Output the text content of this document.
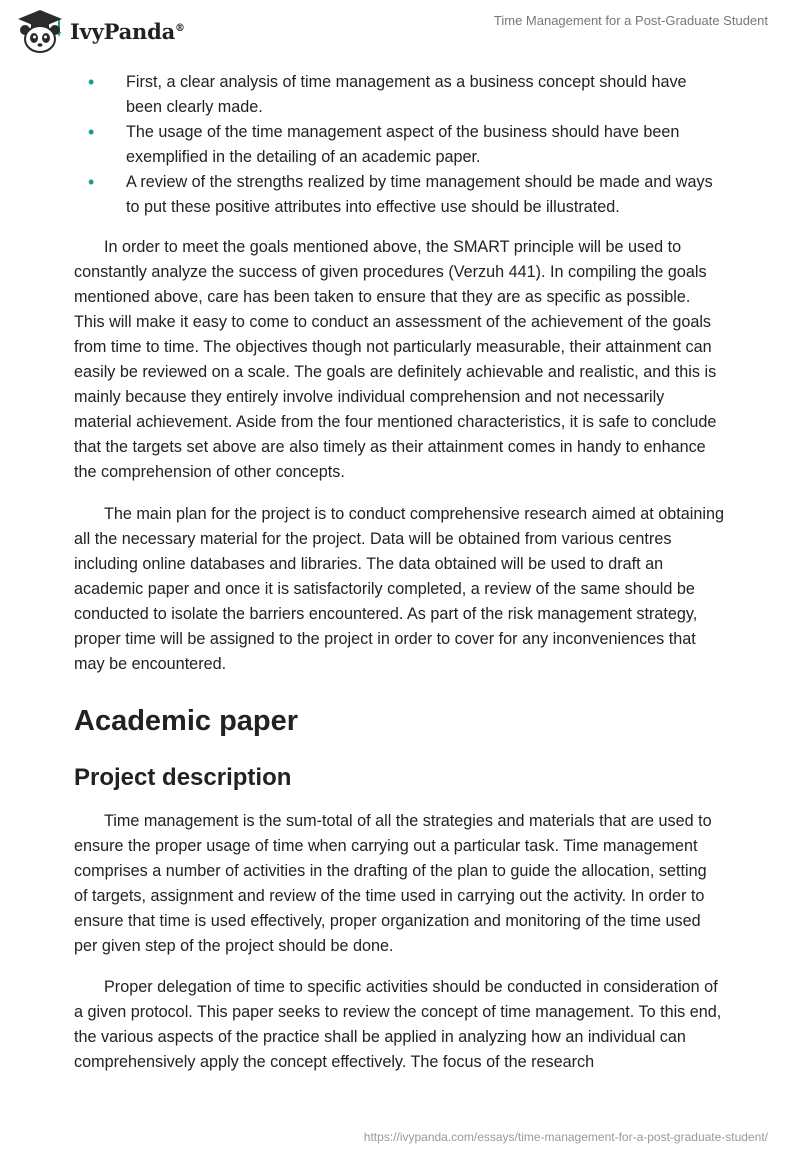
IvyPanda®	Time Management for a Post-Graduate Student
• First, a clear analysis of time management as a business concept should have been clearly made.
• The usage of the time management aspect of the business should have been exemplified in the detailing of an academic paper.
• A review of the strengths realized by time management should be made and ways to put these positive attributes into effective use should be illustrated.

In order to meet the goals mentioned above, the SMART principle will be used to constantly analyze the success of given procedures (Verzuh 441). In compiling the goals mentioned above, care has been taken to ensure that they are as specific as possible. This will make it easy to come to conduct an assessment of the achievement of the goals from time to time. The objectives though not particularly measurable, their attainment can easily be reviewed on a scale. The goals are definitely achievable and realistic, and this is mainly because they entirely involve individual comprehension and not necessarily material achievement. Aside from the four mentioned characteristics, it is safe to conclude that the targets set above are also timely as their attainment comes in handy to enhance the comprehension of other concepts.

The main plan for the project is to conduct comprehensive research aimed at obtaining all the necessary material for the project. Data will be obtained from various centres including online databases and libraries. The data obtained will be used to draft an academic paper and once it is satisfactorily completed, a review of the same should be conducted to isolate the barriers encountered. As part of the risk management strategy, proper time will be assigned to the project in order to cover for any inconveniences that may be encountered.

Academic paper
Project description

Time management is the sum-total of all the strategies and materials that are used to ensure the proper usage of time when carrying out a particular task. Time management comprises a number of activities in the drafting of the plan to guide the allocation, setting of targets, assignment and review of the time used in carrying out the activity. In order to ensure that time is used effectively, proper organization and monitoring of the time used per given step of the project should be done.

Proper delegation of time to specific activities should be conducted in consideration of a given protocol. This paper seeks to review the concept of time management. To this end, the various aspects of the practice shall be applied in analyzing how an individual can comprehensively apply the concept effectively. The focus of the research

https://ivypanda.com/essays/time-management-for-a-post-graduate-student/
